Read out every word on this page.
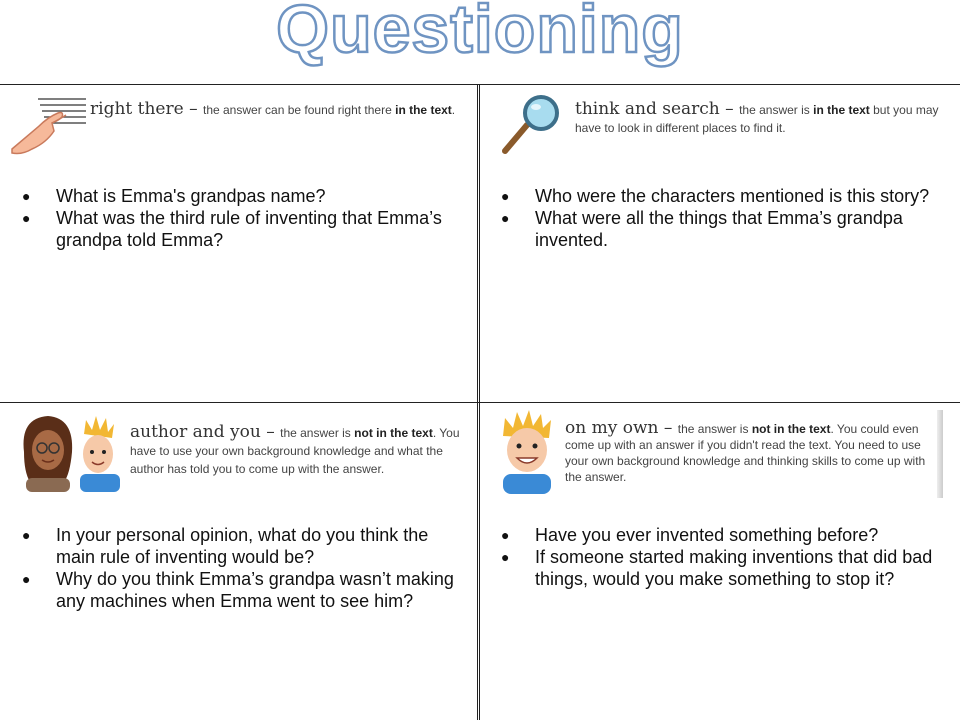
Questioning
right there – the answer can be found right there in the text.
● What is Emma's grandpas name?
● What was the third rule of inventing that Emma’s grandpa told Emma?
think and search – the answer is in the text but you may have to look in different places to find it.
● Who were the characters mentioned is this story?
● What were all the things that Emma’s grandpa invented.
author and you – the answer is not in the text. You have to use your own background knowledge and what the author has told you to come up with the answer.
● In your personal opinion, what do you think the main rule of inventing would be?
● Why do you think Emma’s grandpa wasn’t making any machines when Emma went to see him?
on my own – the answer is not in the text. You could even come up with an answer if you didn't read the text. You need to use your own background knowledge and thinking skills to come up with the answer.
● Have you ever invented something before?
● If someone started making inventions that did bad things, would you make something to stop it?
